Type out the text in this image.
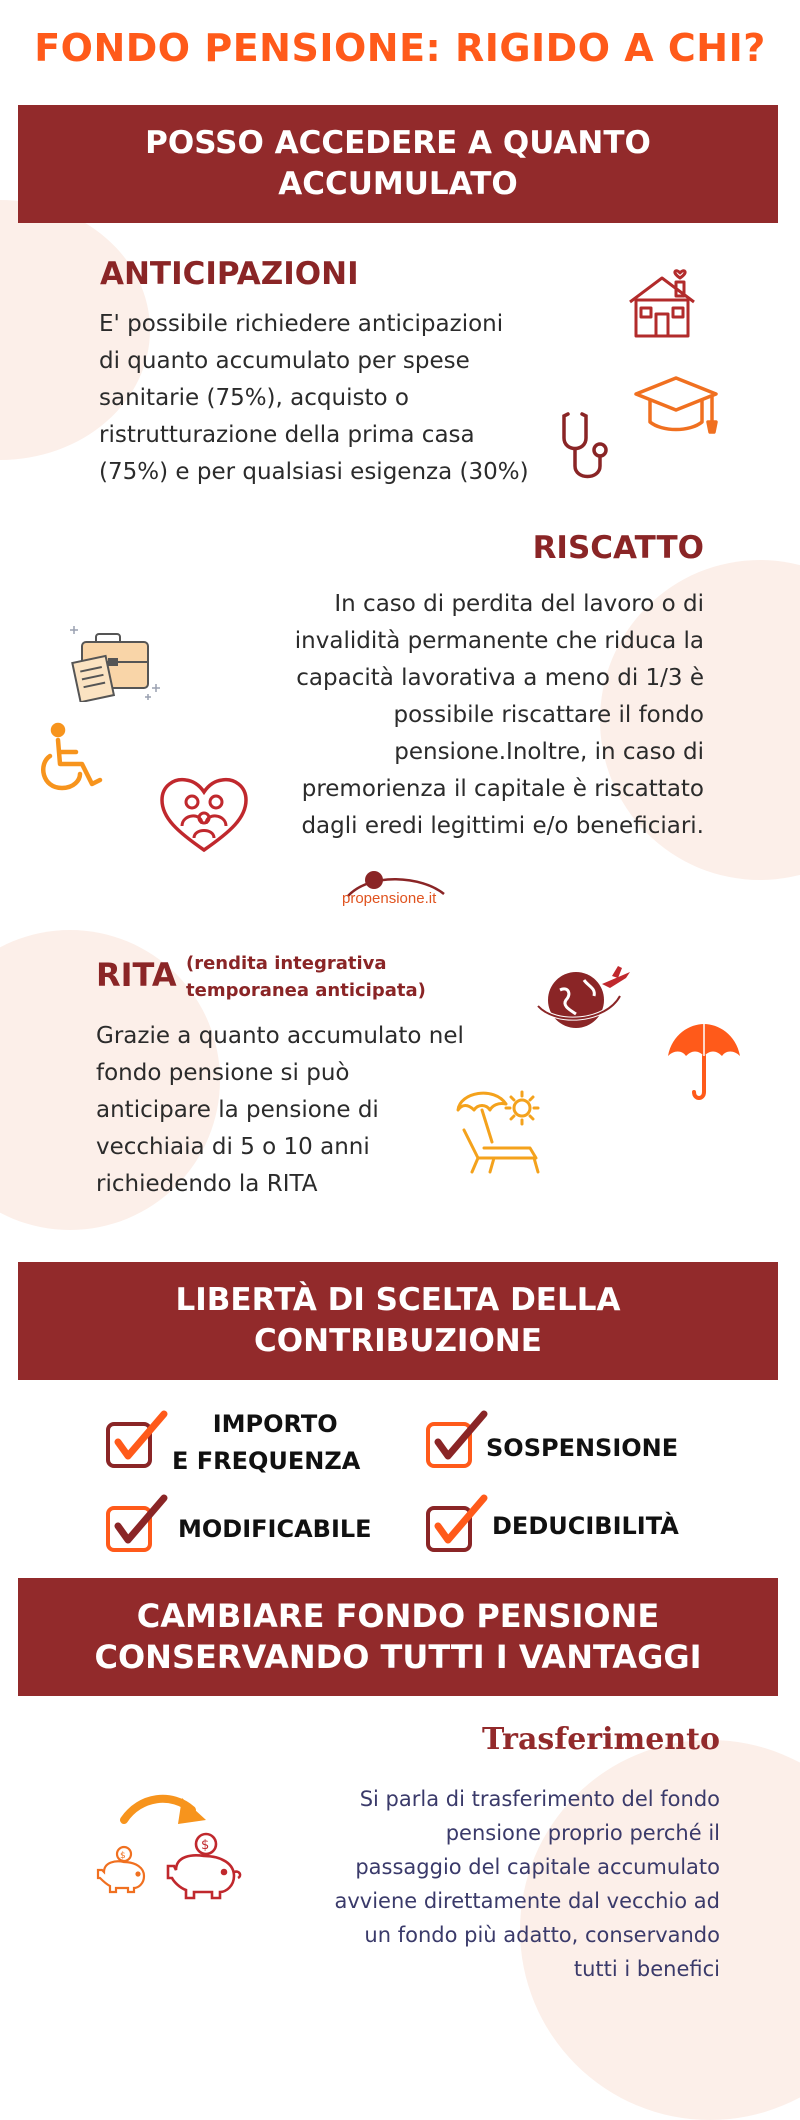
FONDO PENSIONE: RIGIDO A CHI?
POSSO ACCEDERE A QUANTO
ACCUMULATO
ANTICIPAZIONI
E' possibile richiedere anticipazioni
di quanto accumulato per spese
sanitarie (75%), acquisto o
ristrutturazione della prima casa
(75%) e per qualsiasi esigenza (30%)
RISCATTO
In caso di perdita del lavoro o di
invalidità permanente che riduca la
capacità lavorativa a meno di 1/3 è
possibile riscattare il fondo
pensione.Inoltre, in caso di
premorienza il capitale è riscattato
dagli eredi legittimi e/o beneficiari.
propensione.it
RITA (rendita integrativa
temporanea anticipata)
Grazie a quanto accumulato nel
fondo pensione si può
anticipare la pensione di
vecchiaia di 5 o 10 anni
richiedendo la RITA
LIBERTÀ DI SCELTA DELLA
CONTRIBUZIONE
IMPORTO
E FREQUENZA	SOSPENSIONE
MODIFICABILE	DEDUCIBILITÀ
CAMBIARE FONDO PENSIONE
CONSERVANDO TUTTI I VANTAGGI
Trasferimento
Si parla di trasferimento del fondo
pensione proprio perché il
passaggio del capitale accumulato
avviene direttamente dal vecchio ad
un fondo più adatto, conservando
tutti i benefici
$
$
